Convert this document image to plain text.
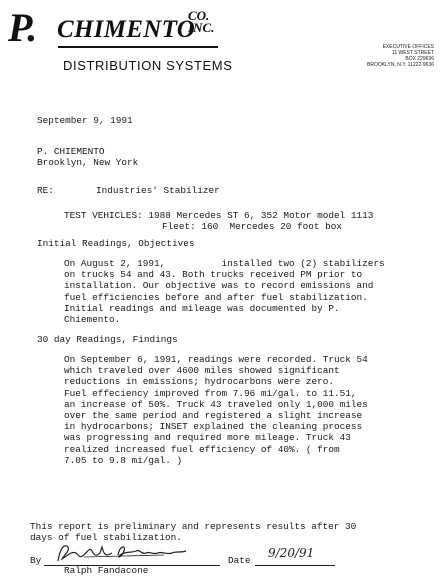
P. CHIMENTO
CO.
INC.
DISTRIBUTION SYSTEMS
EXECUTIVE OFFICES
11 WEST STREET
BOX 229636
BROOKLYN, N.Y. 11222-9636
September 9, 1991
P. CHIEMENTO
Brooklyn, New York
RE:	Industries' Stabilizer
TEST VEHICLES: 1988 Mercedes ST 6, 352 Motor model 1113
Fleet: 160  Mercedes 20 foot box
Initial Readings, Objectives
On August 2, 1991,          installed two (2) stabilizers
on trucks 54 and 43. Both trucks received PM prior to
installation. Our objective was to record emissions and
fuel efficiencies before and after fuel stabilization.
Initial readings and mileage was documented by P.
Chiemento.
30 day Readings, Findings
On September 6, 1991, readings were recorded. Truck 54
which traveled over 4600 miles showed significant
reductions in emissions; hydrocarbons were zero.
Fuel effeciency improved from 7.96 mi/gal. to 11.51,
an increase of 50%. Truck 43 traveled only 1,000 miles
over the same period and registered a slight increase
in hydrocarbons; INSET explained the cleaning process
was progressing and required more mileage. Truck 43
realized increased fuel efficiency of 40%. ( from
7.05 to 9.8 mi/gal. )
This report is preliminary and represents results after 30
days of fuel stabilization.
By
Ralph Fandacone
Date
9/20/91
